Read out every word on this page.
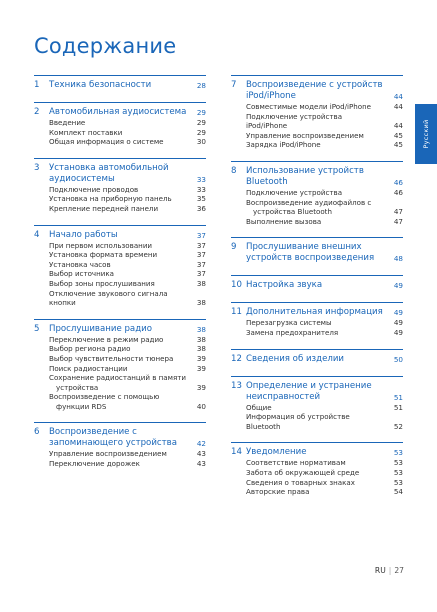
Содержание
1 Техника безопасности	28
2 Автомобильная аудиосистема 29
Введение	29
Комплект поставки	29
Общая информация о системе	30
3 Установка автомобильной
аудиосистемы	33
Подключение проводов	33
Установка на приборную панель	35
Крепление передней панели	36
4 Начало работы	37
При первом использовании	37
Установка формата времени	37
Установка часов	37
Выбор источника	37
Выбор зоны прослушивания	38
Отключение звукового сигнала кнопки	38
5 Прослушивание радио	38
Переключение в режим радио	38
Выбор региона радио	38
Выбор чувствительности тюнера	39
Поиск радиостанции	39
Сохранение радиостанций в памяти
устройства	39
Воспроизведение с помощью
функции RDS	40
6 Воспроизведение с
запоминающего устройства	42
Управление воспроизведением	43
Переключение дорожек	43
7 Воспроизведение с устройств
iPod/iPhone	44
Совместимые модели iPod/iPhone	44
Подключение устройства iPod/iPhone	44
Управление воспроизведением	45
Зарядка iPod/iPhone	45
8 Использование устройств
Bluetooth	46
Подключение устройства	46
Воспроизведение аудиофайлов с
устройства Bluetooth	47
Выполнение вызова	47
9 Прослушивание внешних
устройств воспроизведения	48
10 Настройка звука	49
11 Дополнительная информация	49
Перезагрузка системы	49
Замена предохранителя	49
12 Сведения об изделии	50
13 Определение и устранение
неисправностей	51
Общие	51
Информация об устройстве Bluetooth	52
14 Уведомление	53
Соответствие нормативам	53
Забота об окружающей среде	53
Сведения о товарных знаках	53
Авторские права	54
Русский
RU | 27
